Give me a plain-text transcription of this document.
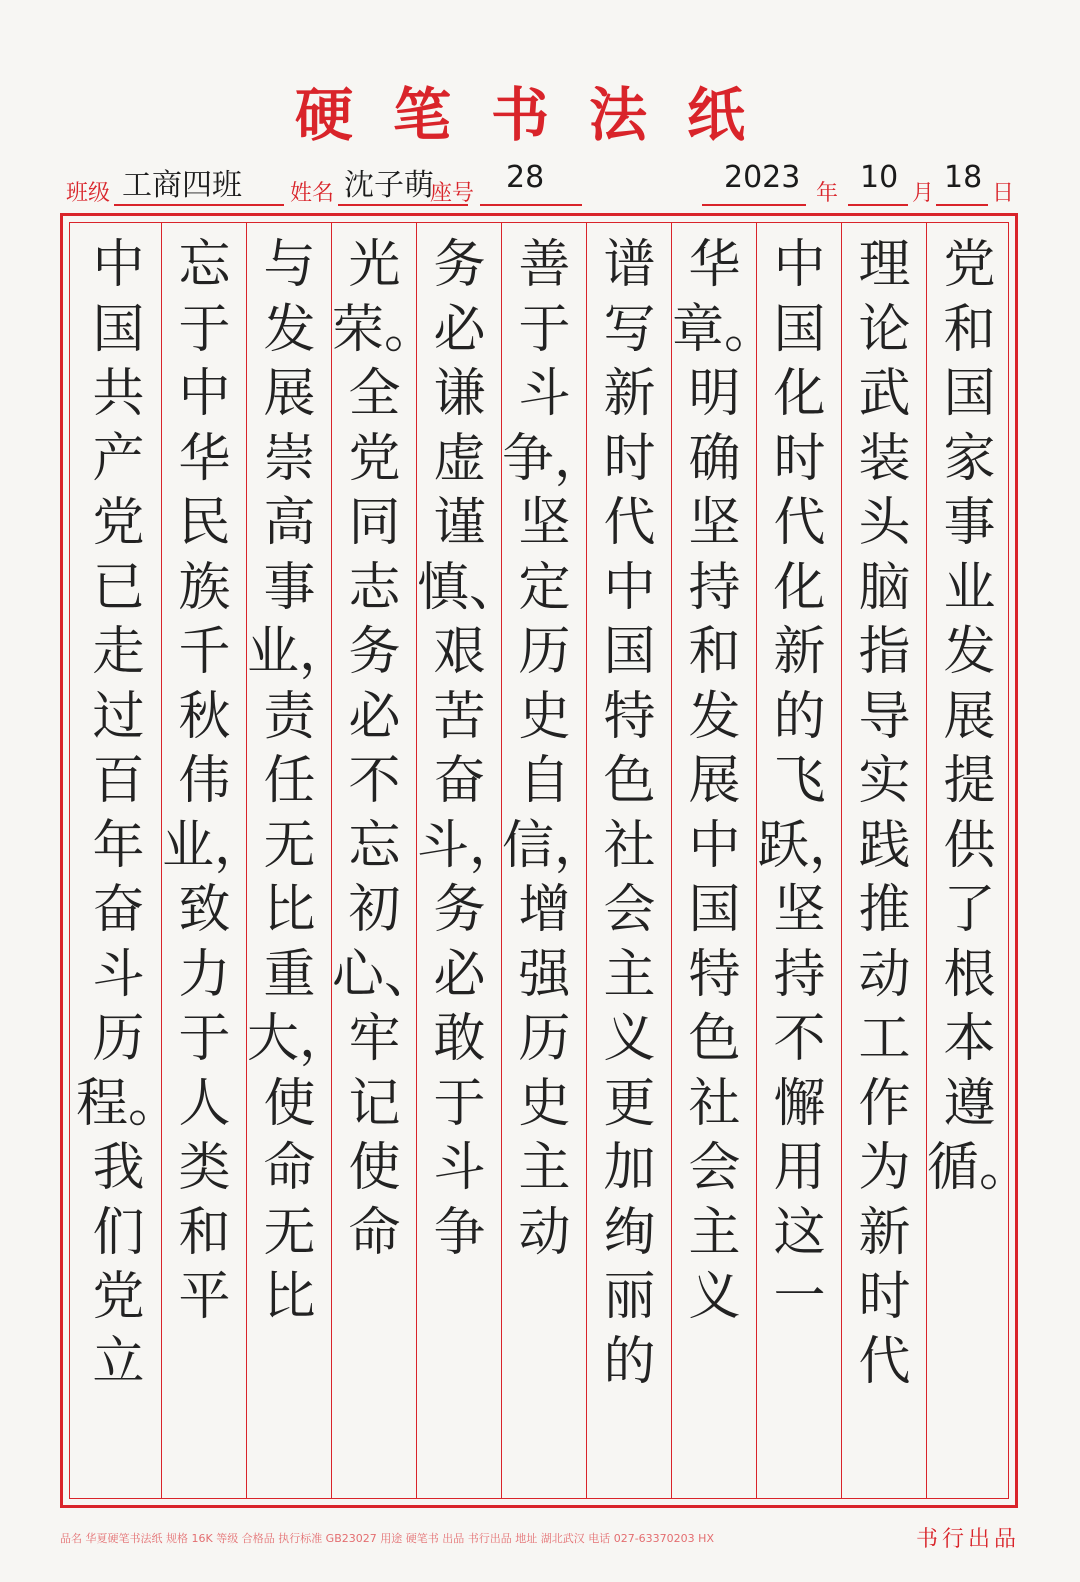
硬笔书法纸
班级 工商四班 姓名 沈子萌
座号 28	2023 年 10 月 18 日
党和国家事业发展提供了根本遵循。
理论武装头脑指导实践推动工作为新时代
中国化时代化新的飞跃，坚持不懈用这一
华章。明确坚持和发展中国特色社会主义
谱写新时代中国特色社会主义更加绚丽的
善于斗争，坚定历史自信，增强历史主动
务必谦虚谨慎、艰苦奋斗，务必敢于斗争
光荣。全党同志务必不忘初心、牢记使命
与发展崇高事业，责任无比重大，使命无比
忘于中华民族千秋伟业，致力于人类和平
中国共产党已走过百年奋斗历程。我们党立
品名 华夏硬笔书法纸 规格 16K 等级 合格品 执行标准 GB23027 用途 硬笔书 出品 书行出品 地址 湖北武汉 电话 027-63370203 HX	书行出品
